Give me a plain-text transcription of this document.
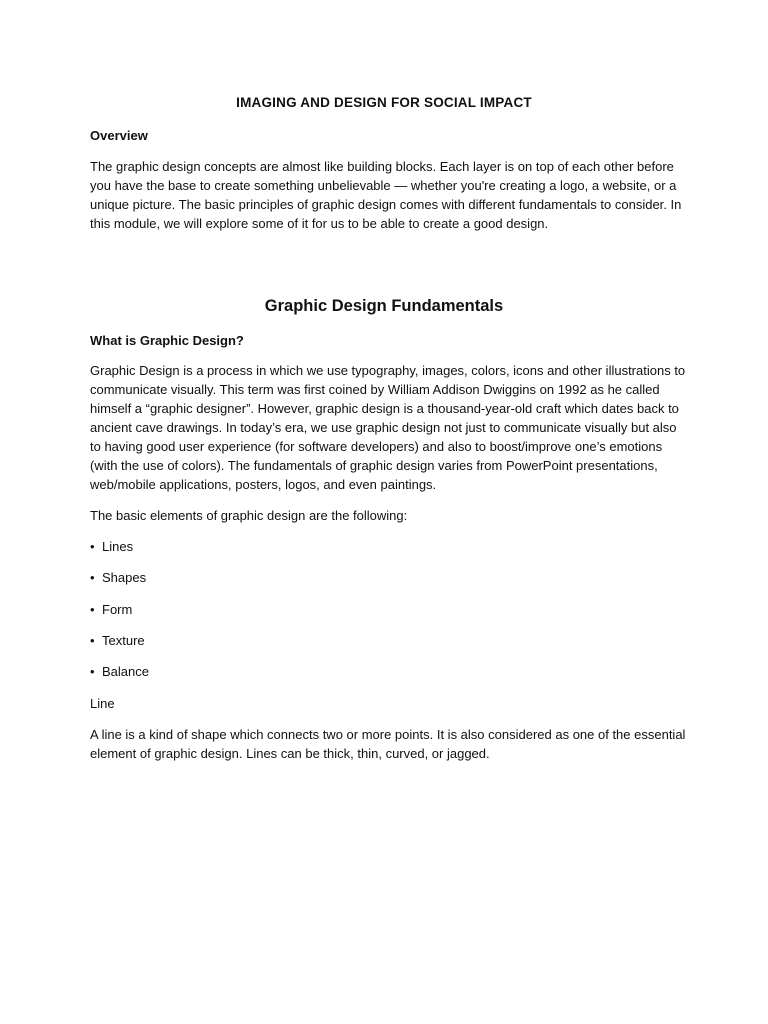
IMAGING AND DESIGN FOR SOCIAL IMPACT

Overview

The graphic design concepts are almost like building blocks. Each layer is on top of each other before you have the base to create something unbelievable — whether you're creating a logo, a website, or a unique picture. The basic principles of graphic design comes with different fundamentals to consider. In this module, we will explore some of it for us to be able to create a good design.

Graphic Design Fundamentals

What is Graphic Design?

Graphic Design is a process in which we use typography, images, colors, icons and other illustrations to communicate visually. This term was first coined by William Addison Dwiggins on 1992 as he called himself a “graphic designer”. However, graphic design is a thousand-year-old craft which dates back to ancient cave drawings. In today’s era, we use graphic design not just to communicate visually but also to having good user experience (for software developers) and also to boost/improve one’s emotions (with the use of colors). The fundamentals of graphic design varies from PowerPoint presentations, web/mobile applications, posters, logos, and even paintings.

The basic elements of graphic design are the following:

• Lines
• Shapes
• Form
• Texture
• Balance

Line

A line is a kind of shape which connects two or more points. It is also considered as one of the essential element of graphic design. Lines can be thick, thin, curved, or jagged.
